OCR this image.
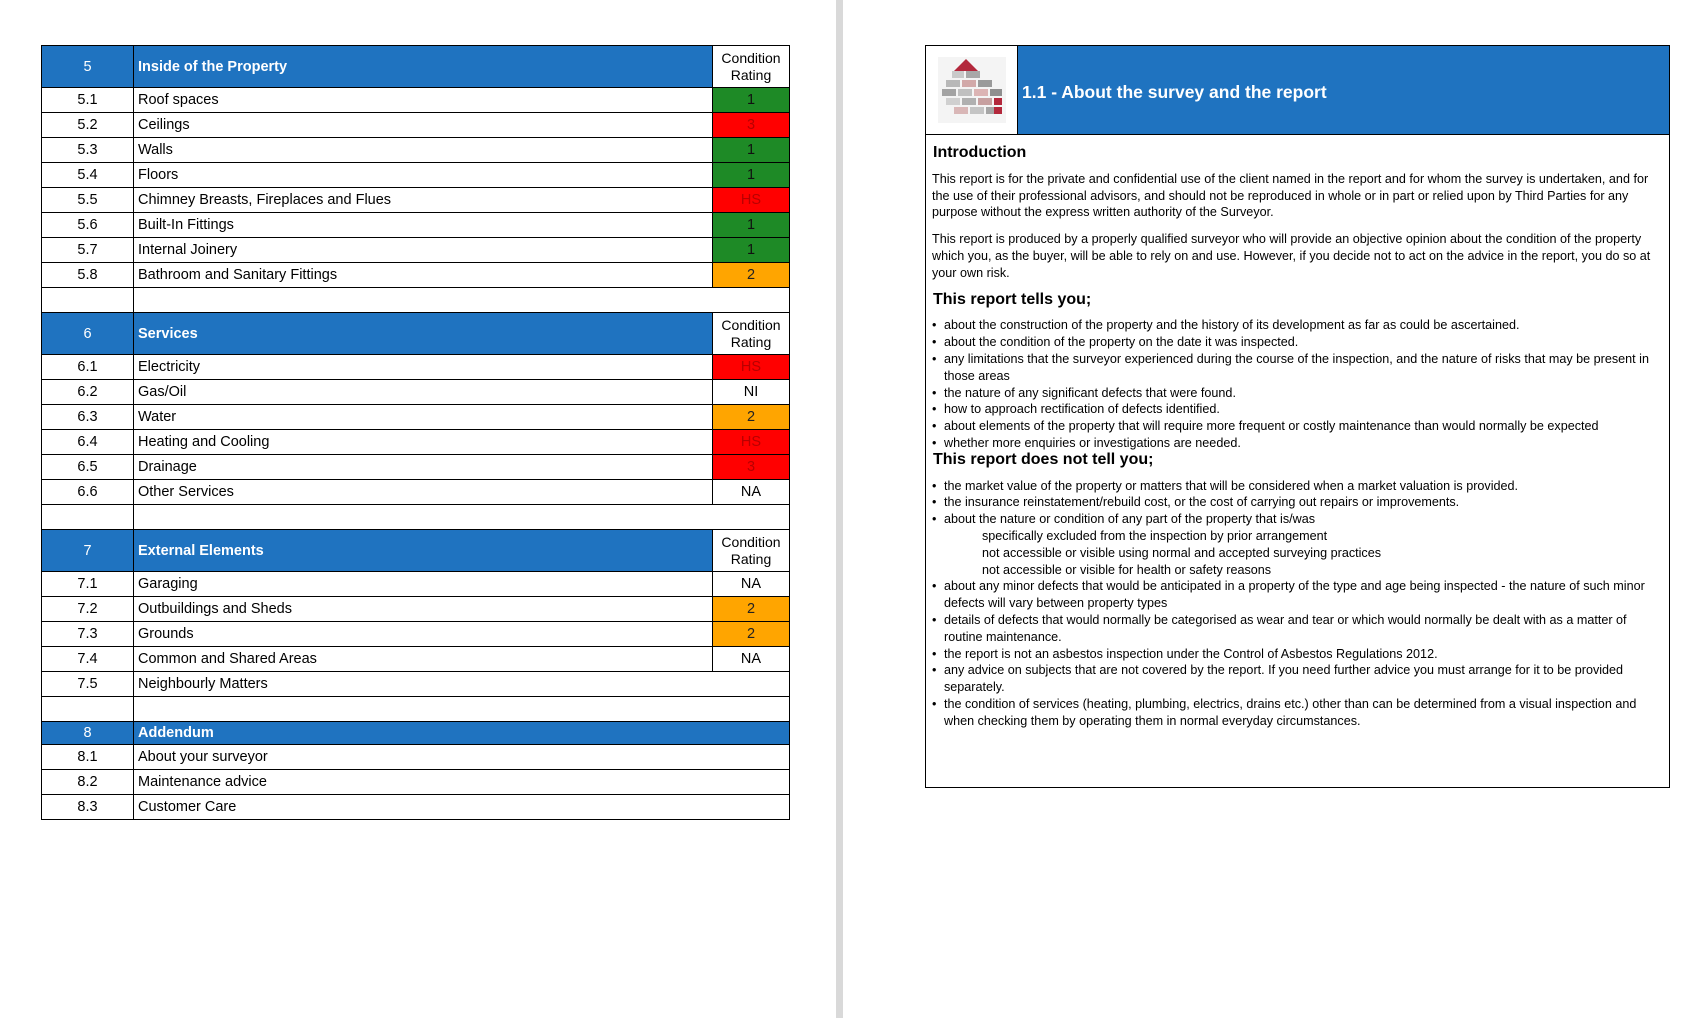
5	Inside of the Property	Condition Rating
5.1	Roof spaces	1
5.2	Ceilings	3
5.3	Walls	1
5.4	Floors	1
5.5	Chimney Breasts, Fireplaces and Flues	HS
5.6	Built-In Fittings	1
5.7	Internal Joinery	1
5.8	Bathroom and Sanitary Fittings	2

6	Services	Condition Rating
6.1	Electricity	HS
6.2	Gas/Oil	NI
6.3	Water	2
6.4	Heating and Cooling	HS
6.5	Drainage	3
6.6	Other Services	NA

7	External Elements	Condition Rating
7.1	Garaging	NA
7.2	Outbuildings and Sheds	2
7.3	Grounds	2
7.4	Common and Shared Areas	NA
7.5	Neighbourly Matters	

8	Addendum	
8.1	About your surveyor	
8.2	Maintenance advice	
8.3	Customer Care	
1.1 - About the survey and the report
Introduction

This report is for the private and confidential use of the client named in the report and for whom the survey is undertaken, and for the use of their professional advisors, and should not be reproduced in whole or in part or relied upon by Third Parties for any purpose without the express written authority of the Surveyor.

This report is produced by a properly qualified surveyor who will provide an objective opinion about the condition of the property which you, as the buyer, will be able to rely on and use. However, if you decide not to act on the advice in the report, you do so at your own risk.

This report tells you;
• about the construction of the property and the history of its development as far as could be ascertained.
• about the condition of the property on the date it was inspected.
• any limitations that the surveyor experienced during the course of the inspection, and the nature of risks that may be present in those areas
• the nature of any significant defects that were found.
• how to approach rectification of defects identified.
• about elements of the property that will require more frequent or costly maintenance than would normally be expected
• whether more enquiries or investigations are needed.
This report does not tell you;
• the market value of the property or matters that will be considered when a market valuation is provided.
• the insurance reinstatement/rebuild cost, or the cost of carrying out repairs or improvements.
• about the nature or condition of any part of the property that is/was
specifically excluded from the inspection by prior arrangement
not accessible or visible using normal and accepted surveying practices
not accessible or visible for health or safety reasons
• about any minor defects that would be anticipated in a property of the type and age being inspected - the nature of such minor defects will vary between property types
• details of defects that would normally be categorised as wear and tear or which would normally be dealt with as a matter of routine maintenance.
• the report is not an asbestos inspection under the Control of Asbestos Regulations 2012.
• any advice on subjects that are not covered by the report. If you need further advice you must arrange for it to be provided separately.
• the condition of services (heating, plumbing, electrics, drains etc.) other than can be determined from a visual inspection and when checking them by operating them in normal everyday circumstances.
